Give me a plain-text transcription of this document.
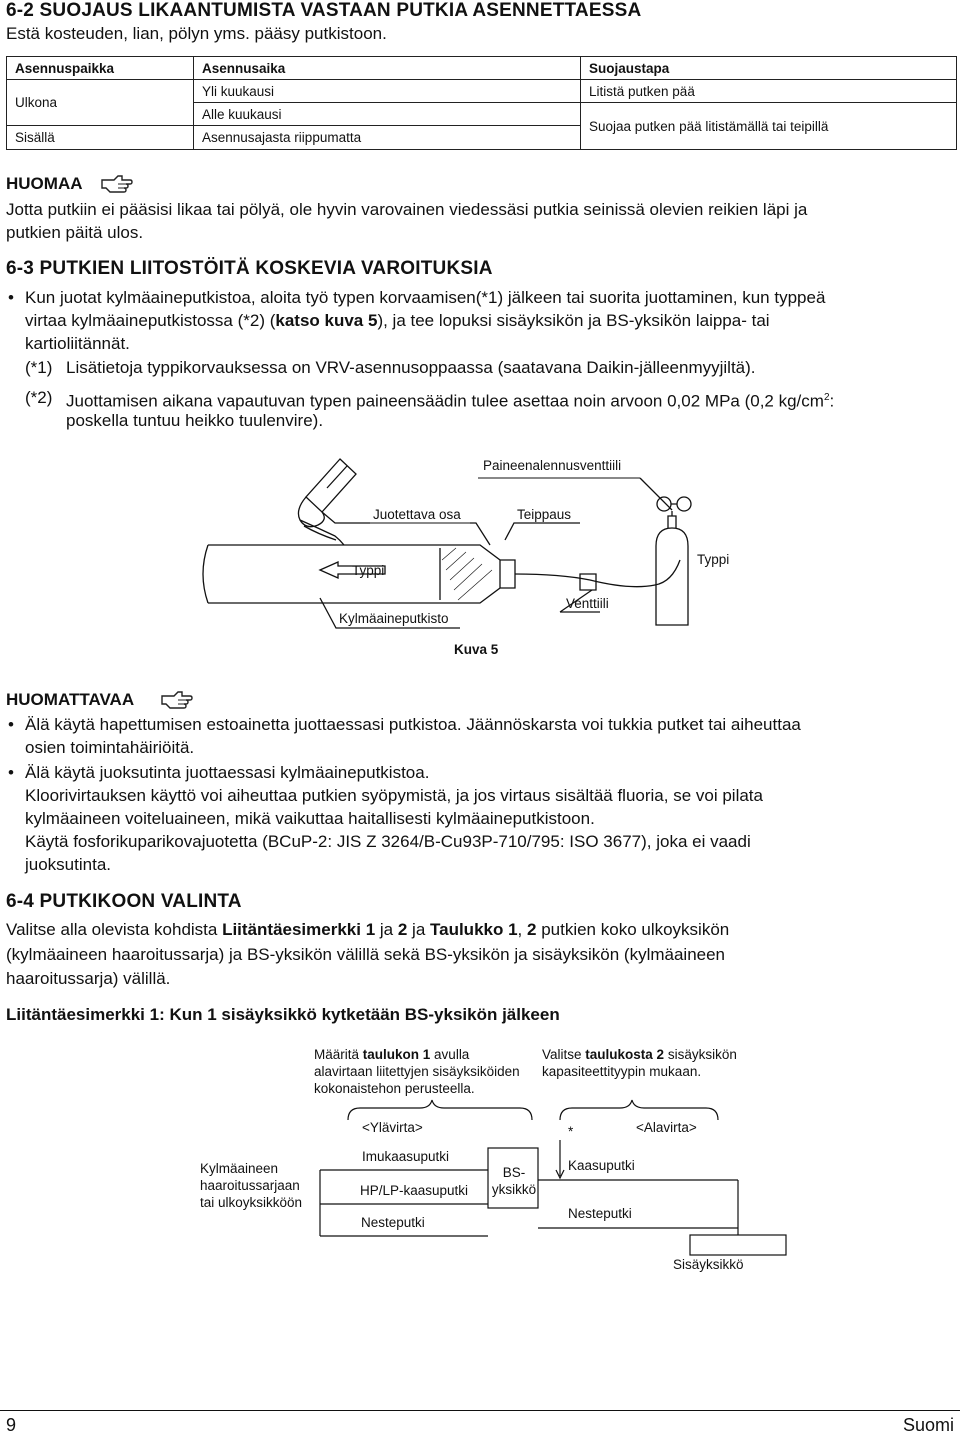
6-2 SUOJAUS LIKAANTUMISTA VASTAAN PUTKIA ASENNETTAESSA
Estä kosteuden, lian, pölyn yms. pääsy putkistoon.
Asennuspaikka	Asennusaika	Suojaustapa
Ulkona	Yli kuukausi	Litistä putken pää
	Alle kuukausi	Suojaa putken pää litistämällä tai teipillä
Sisällä	Asennusajasta riippumatta	
HUOMAA
Jotta putkiin ei pääsisi likaa tai pölyä, ole hyvin varovainen viedessäsi putkia seinissä olevien reikien läpi ja
putkien päitä ulos.
6-3 PUTKIEN LIITOSTÖITÄ KOSKEVIA VAROITUKSIA
• Kun juotat kylmäaineputkistoa, aloita työ typen korvaamisen(*1) jälkeen tai suorita juottaminen, kun typpeä
virtaa kylmäaineputkistossa (*2) (katso kuva 5), ja tee lopuksi sisäyksikön ja BS-yksikön laippa- tai
kartioliitännät.
(*1) Lisätietoja typpikorvauksessa on VRV-asennusoppaassa (saatavana Daikin-jälleenmyyjiltä).
(*2) Juottamisen aikana vapautuvan typen paineensäädin tulee asettaa noin arvoon 0,02 MPa (0,2 $kg/cm^2$:
poskella tuntuu heikko tuulenvire).
Paineenalennusventtiili
Juotettava osa	Teippaus
Typpi
Typpi
Venttiili
Kylmäaineputkisto
Kuva 5
HUOMATTAVAA
• Älä käytä hapettumisen estoainetta juottaessasi putkistoa. Jäännöskarsta voi tukkia putket tai aiheuttaa
osien toimintahäiriöitä.
• Älä käytä juoksutinta juottaessasi kylmäaineputkistoa.
Kloorivirtauksen käyttö voi aiheuttaa putkien syöpymistä, ja jos virtaus sisältää fluoria, se voi pilata
kylmäaineen voiteluaineen, mikä vaikuttaa haitallisesti kylmäaineputkistoon.
Käytä fosforikuparikovajuotetta (BCuP-2: JIS Z 3264/B-Cu93P-710/795: ISO 3677), joka ei vaadi
juoksutinta.
6-4 PUTKIKOON VALINTA
Valitse alla olevista kohdista Liitäntäesimerkki 1 ja 2 ja Taulukko 1, 2 putkien koko ulkoyksikön
(kylmäaineen haaroitussarja) ja BS-yksikön välillä sekä BS-yksikön ja sisäyksikön (kylmäaineen
haaroitussarja) välillä.
Liitäntäesimerkki 1: Kun 1 sisäyksikkö kytketään BS-yksikön jälkeen
Määritä taulukon 1 avulla
alavirtaan liitettyjen sisäyksiköiden
kokonaistehon perusteella.
Valitse taulukosta 2 sisäyksikön
kapasiteettityypin mukaan.
<Ylävirta>	<Alavirta>
*
Kylmäaineen
haaroitussarjaan
tai ulkoyksikköön
Imukaasuputki
HP/LP-kaasuputki
Nesteputki
BS-
yksikkö
Kaasuputki
Nesteputki
Sisäyksikkö
9	Suomi
